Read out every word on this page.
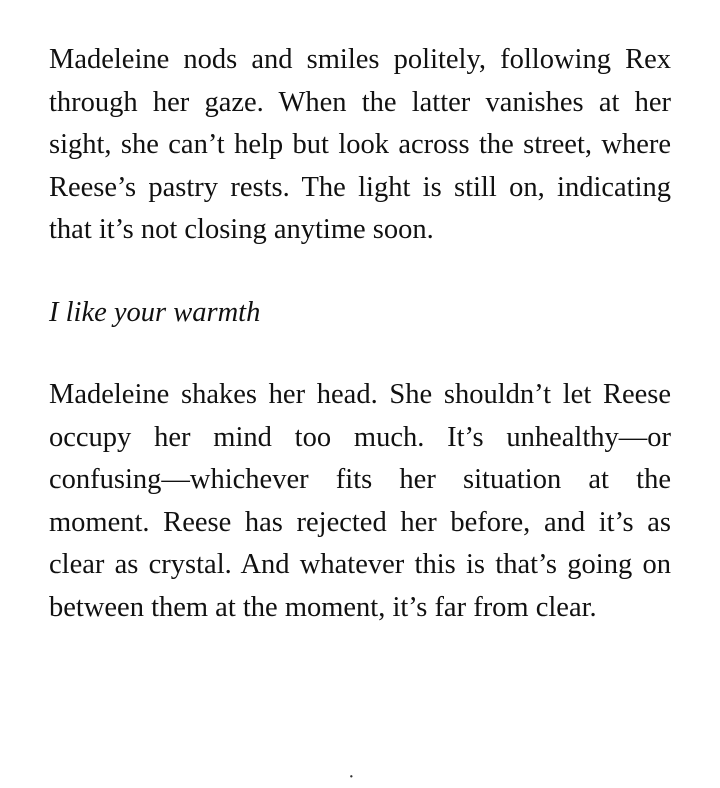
Madeleine nods and smiles politely, following Rex through her gaze. When the latter vanishes at her sight, she can’t help but look across the street, where Reese’s pastry rests. The light is still on, indicating that it’s not closing anytime soon.

I like your warmth

Madeleine shakes her head. She shouldn’t let Reese occupy her mind too much. It’s unhealthy—or confusing—whichever fits her situation at the moment. Reese has rejected her before, and it’s as clear as crystal. And whatever this is that’s going on between them at the moment, it’s far from clear.

·
